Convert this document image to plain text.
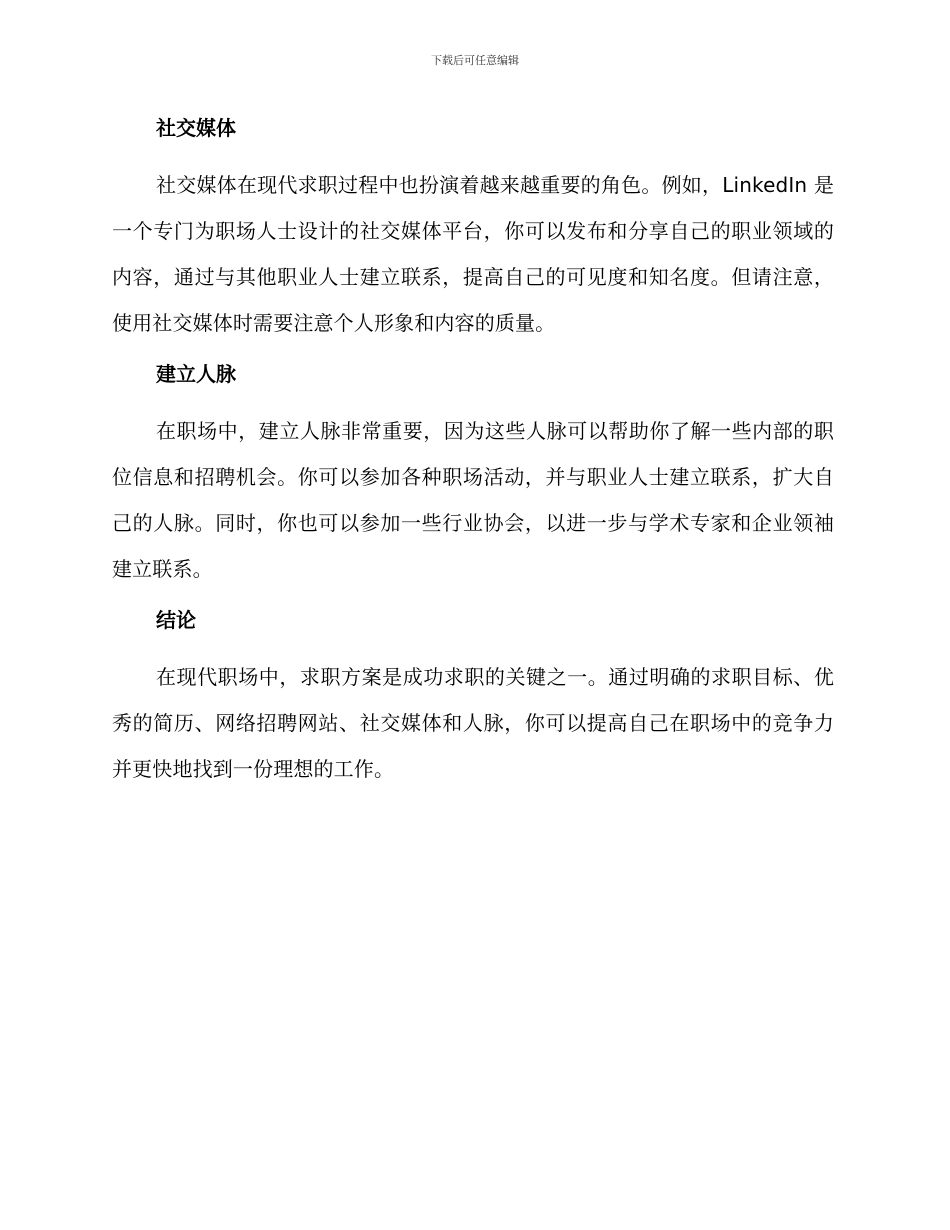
下载后可任意编辑
社交媒体

社交媒体在现代求职过程中也扮演着越来越重要的角色。例如，LinkedIn 是一个专门为职场人士设计的社交媒体平台，你可以发布和分享自己的职业领域的内容，通过与其他职业人士建立联系，提高自己的可见度和知名度。但请注意，使用社交媒体时需要注意个人形象和内容的质量。

建立人脉

在职场中，建立人脉非常重要，因为这些人脉可以帮助你了解一些内部的职位信息和招聘机会。你可以参加各种职场活动，并与职业人士建立联系，扩大自己的人脉。同时，你也可以参加一些行业协会，以进一步与学术专家和企业领袖建立联系。

结论

在现代职场中，求职方案是成功求职的关键之一。通过明确的求职目标、优秀的简历、网络招聘网站、社交媒体和人脉，你可以提高自己在职场中的竞争力并更快地找到一份理想的工作。
